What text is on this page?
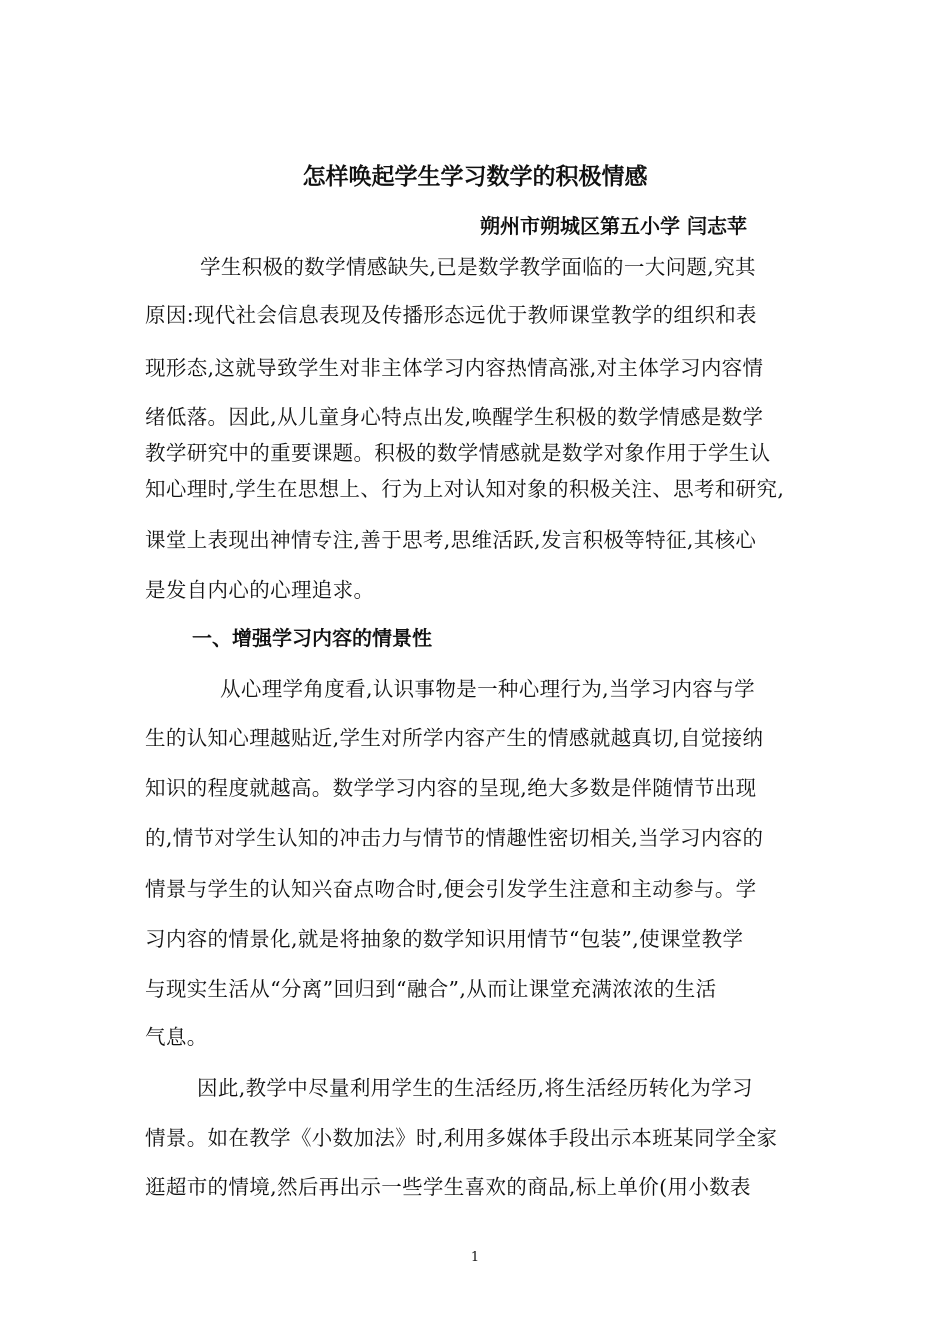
怎样唤起学生学习数学的积极情感
朔州市朔城区第五小学 闫志苹
学生积极的数学情感缺失,已是数学教学面临的一大问题,究其
原因:现代社会信息表现及传播形态远优于教师课堂教学的组织和表
现形态,这就导致学生对非主体学习内容热情高涨,对主体学习内容情
绪低落。因此,从儿童身心特点出发,唤醒学生积极的数学情感是数学
教学研究中的重要课题。积极的数学情感就是数学对象作用于学生认
知心理时,学生在思想上、行为上对认知对象的积极关注、思考和研究,
课堂上表现出神情专注,善于思考,思维活跃,发言积极等特征,其核心
是发自内心的心理追求。
一、增强学习内容的情景性
从心理学角度看,认识事物是一种心理行为,当学习内容与学
生的认知心理越贴近,学生对所学内容产生的情感就越真切,自觉接纳
知识的程度就越高。数学学习内容的呈现,绝大多数是伴随情节出现
的,情节对学生认知的冲击力与情节的情趣性密切相关,当学习内容的
情景与学生的认知兴奋点吻合时,便会引发学生注意和主动参与。学
习内容的情景化,就是将抽象的数学知识用情节“包装”,使课堂教学
与现实生活从“分离”回归到“融合”,从而让课堂充满浓浓的生活
气息。
因此,教学中尽量利用学生的生活经历,将生活经历转化为学习
情景。如在教学《小数加法》时,利用多媒体手段出示本班某同学全家
逛超市的情境,然后再出示一些学生喜欢的商品,标上单价(用小数表
1
